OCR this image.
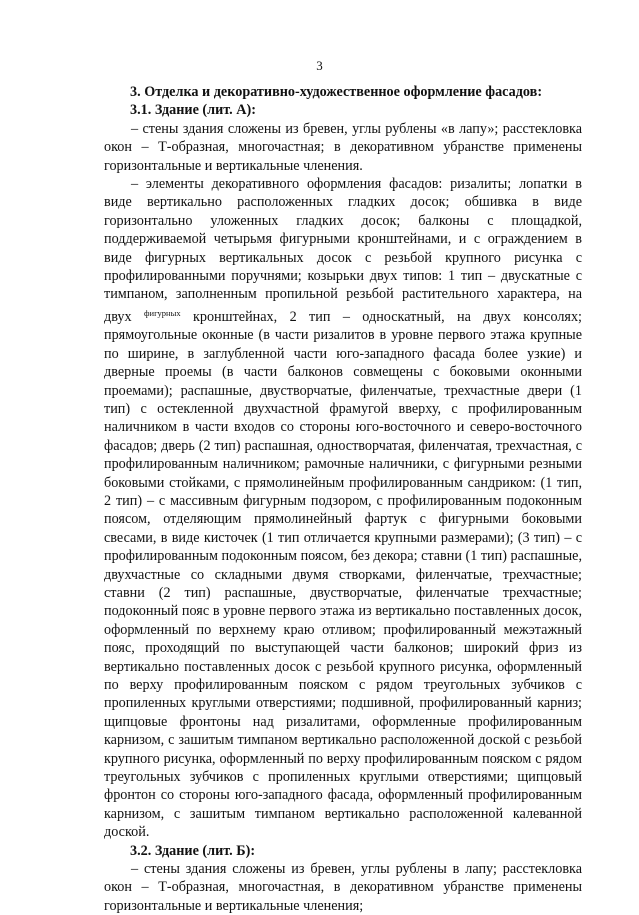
3

3. Отделка и декоративно-художественное оформление фасадов:

3.1. Здание (лит. А):

– стены здания сложены из бревен, углы рублены «в лапу»; расстекловка окон – Т-образная, многочастная; в декоративном убранстве применены горизонтальные и вертикальные членения.

– элементы декоративного оформления фасадов: ризалиты; лопатки в виде вертикально расположенных гладких досок; обшивка в виде горизонтально уложенных гладких досок; балконы с площадкой, поддерживаемой четырьмя фигурными кронштейнами, и с ограждением в виде фигурных вертикальных досок с резьбой крупного рисунка с профилированными поручнями; козырьки двух типов: 1 тип – двускатные с тимпаном, заполненным пропильной резьбой растительного характера, на двух $^{фигурных}$ кронштейнах, 2 тип – односкатный, на двух консолях; прямоугольные оконные (в части ризалитов в уровне первого этажа крупные по ширине, в заглубленной части юго-западного фасада более узкие) и дверные проемы (в части балконов совмещены с боковыми оконными проемами); распашные, двустворчатые, филенчатые, трехчастные двери (1 тип) с остекленной двухчастной фрамугой вверху, с профилированным наличником в части входов со стороны юго-восточного и северо-восточного фасадов; дверь (2 тип) распашная, одностворчатая, филенчатая, трехчастная, с профилированным наличником; рамочные наличники, с фигурными резными боковыми стойками, с прямолинейным профилированным сандриком: (1 тип, 2 тип) – с массивным фигурным подзором, с профилированным подоконным поясом, отделяющим прямолинейный фартук с фигурными боковыми свесами, в виде кисточек (1 тип отличается крупными размерами); (3 тип) – с профилированным подоконным поясом, без декора; ставни (1 тип) распашные, двухчастные со складными двумя створками, филенчатые, трехчастные; ставни (2 тип) распашные, двустворчатые, филенчатые трехчастные; подоконный пояс в уровне первого этажа из вертикально поставленных досок, оформленный по верхнему краю отливом; профилированный межэтажный пояс, проходящий по выступающей части балконов; широкий фриз из вертикально поставленных досок с резьбой крупного рисунка, оформленный по верху профилированным пояском с рядом треугольных зубчиков с пропиленных круглыми отверстиями; подшивной, профилированный карниз; щипцовые фронтоны над ризалитами, оформленные профилированным карнизом, с зашитым тимпаном вертикально расположенной доской с резьбой крупного рисунка, оформленный по верху профилированным пояском с рядом треугольных зубчиков с пропиленных круглыми отверстиями; щипцовый фронтон со стороны юго-западного фасада, оформленный профилированным карнизом, с зашитым тимпаном вертикально расположенной калеванной доской.

3.2. Здание (лит. Б):

– стены здания сложены из бревен, углы рублены в лапу; расстекловка окон – Т-образная, многочастная, в декоративном убранстве применены горизонтальные и вертикальные членения;
